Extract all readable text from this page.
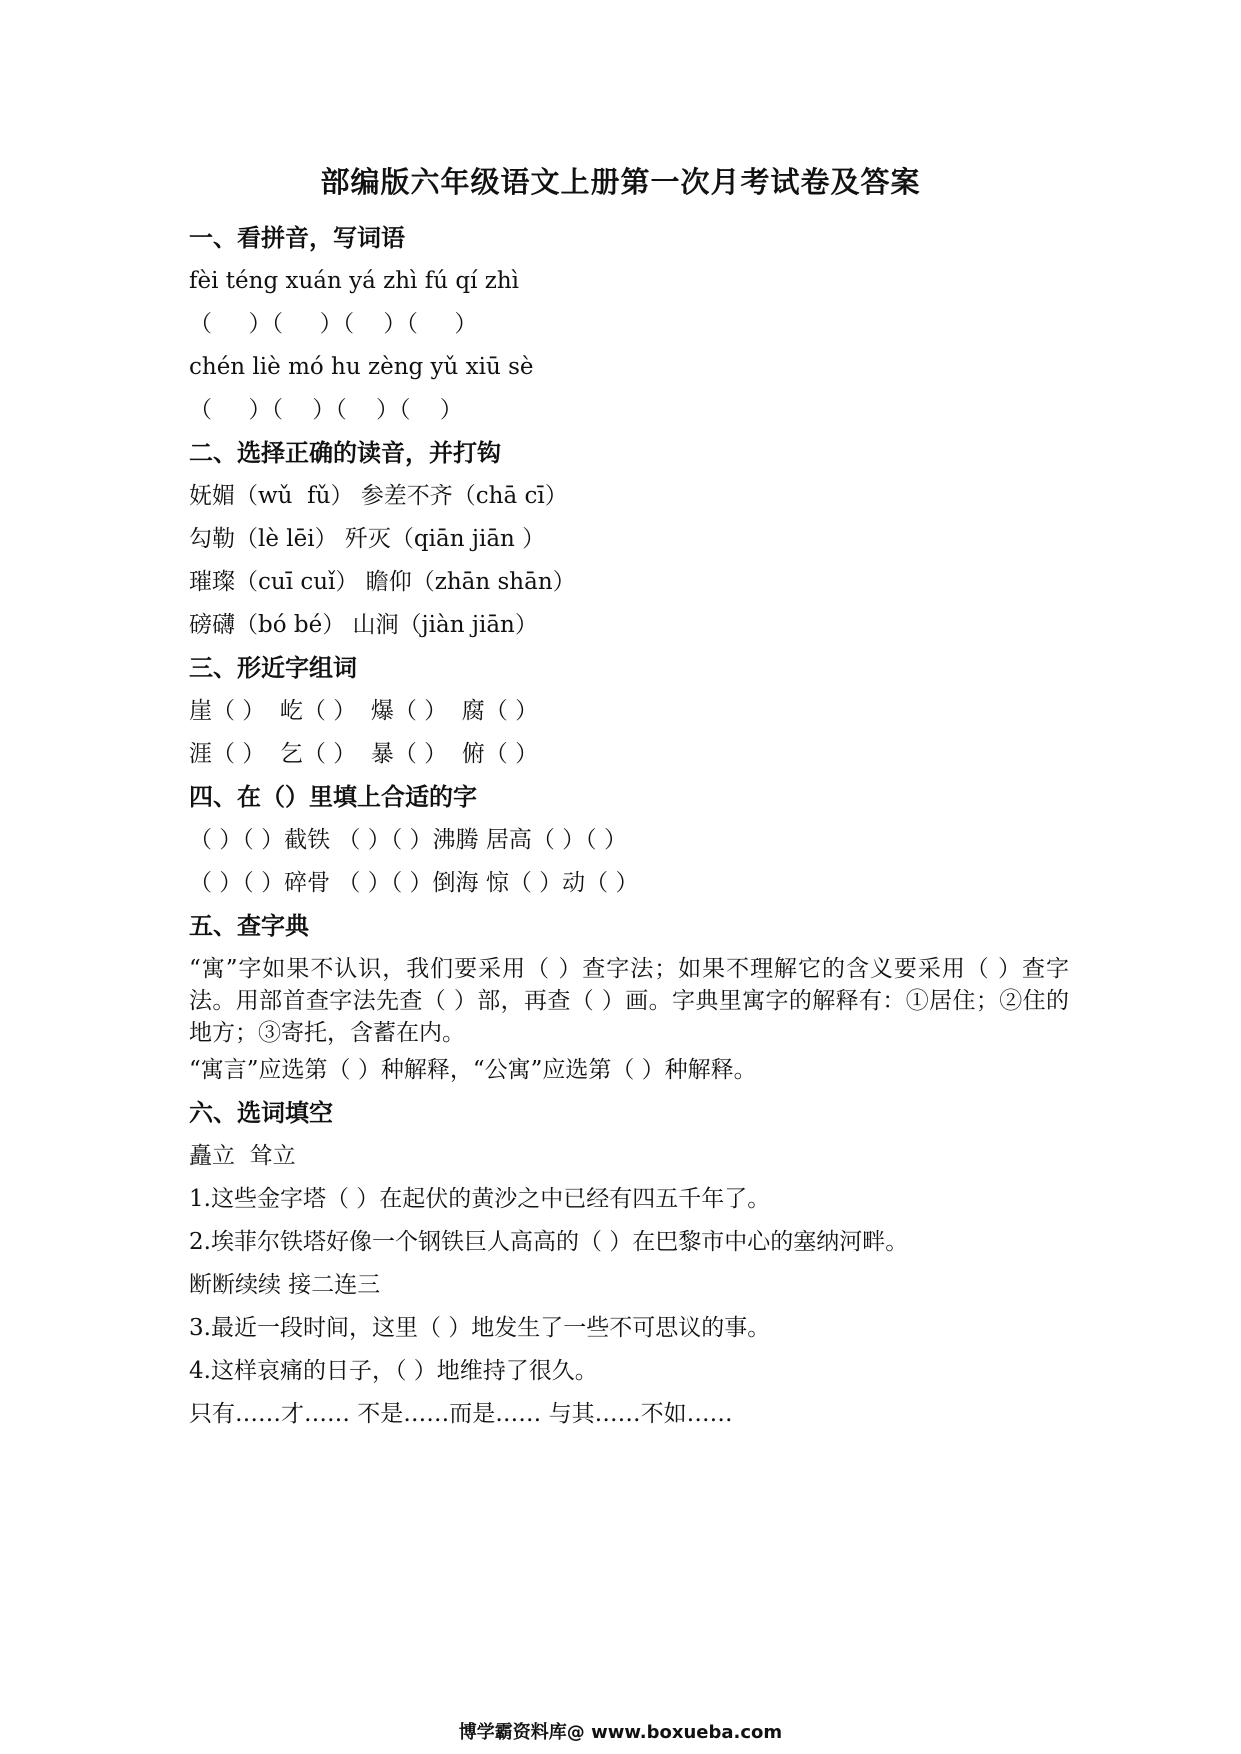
部编版六年级语文上册第一次月考试卷及答案
一、看拼音，写词语
fèi téng xuán yá zhì fú qí zhì
（     ）（     ）（    ）（     ）
chén liè mó hu zèng yǔ xiū sè
（     ）（    ）（    ）（    ）
二、选择正确的读音，并打钩
妩媚（wǔ  fǔ） 参差不齐（chā cī）
勾勒（lè lēi） 歼灭（qiān jiān ）
璀璨（cuī cuǐ） 瞻仰（zhān shān）
磅礴（bó bé） 山涧（jiàn jiān）
三、形近字组词
崖（ ）  屹（ ）  爆（ ）  腐（ ）
涯（ ）  乞（ ）  暴（ ）  俯（ ）
四、在（）里填上合适的字
（ ）（ ）截铁 （ ）（ ）沸腾 居高（ ）（ ）
（ ）（ ）碎骨 （ ）（ ）倒海 惊（ ）动（ ）
五、查字典
“寓”字如果不认识，我们要采用（ ）查字法；如果不理解它的含义要采用（ ）查字法。用部首查字法先查（ ）部，再查（ ）画。字典里寓字的解释有：①居住；②住的地方；③寄托，含蓄在内。
“寓言”应选第（ ）种解释，“公寓”应选第（ ）种解释。
六、选词填空
矗立  耸立
1.这些金字塔（ ）在起伏的黄沙之中已经有四五千年了。
2.埃菲尔铁塔好像一个钢铁巨人高高的（ ）在巴黎市中心的塞纳河畔。
断断续续 接二连三
3.最近一段时间，这里（ ）地发生了一些不可思议的事。
4.这样哀痛的日子，（ ）地维持了很久。
只有……才…… 不是……而是…… 与其……不如……
博学霸资料库@ www.boxueba.com
